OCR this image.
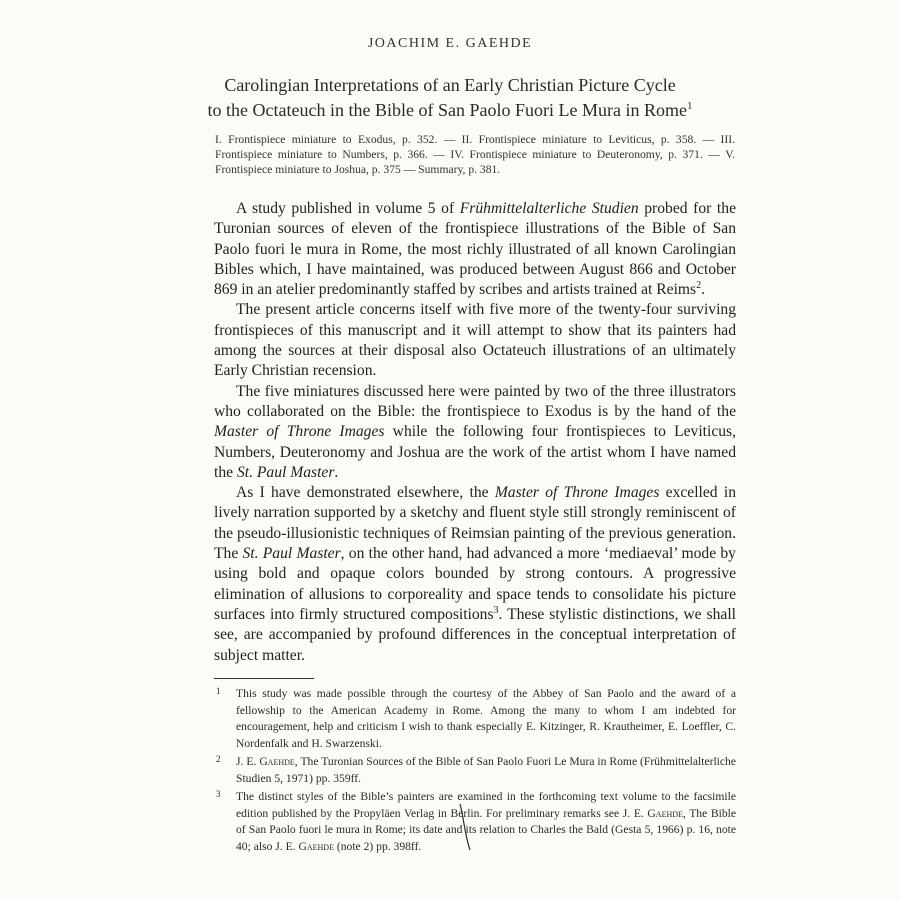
JOACHIM E. GAEHDE
Carolingian Interpretations of an Early Christian Picture Cycle
to the Octateuch in the Bible of San Paolo Fuori Le Mura in Rome$^1$
I. Frontispiece miniature to Exodus, p. 352. — II. Frontispiece miniature to Leviticus, p. 358. — III. Frontispiece miniature to Numbers, p. 366. — IV. Frontispiece miniature to Deuteronomy, p. 371. — V. Frontispiece miniature to Joshua, p. 375 — Summary, p. 381.

A study published in volume 5 of Frühmittelalterliche Studien probed for the Turonian sources of eleven of the frontispiece illustrations of the Bible of San Paolo fuori le mura in Rome, the most richly illustrated of all known Carolingian Bibles which, I have maintained, was produced between August 866 and October 869 in an atelier predominantly staffed by scribes and artists trained at Reims$^2$.

The present article concerns itself with five more of the twenty-four surviving frontispieces of this manuscript and it will attempt to show that its painters had among the sources at their disposal also Octateuch illustrations of an ultimately Early Christian recension.

The five miniatures discussed here were painted by two of the three illustrators who collaborated on the Bible: the frontispiece to Exodus is by the hand of the Master of Throne Images while the following four frontispieces to Leviticus, Numbers, Deuteronomy and Joshua are the work of the artist whom I have named the St. Paul Master.

As I have demonstrated elsewhere, the Master of Throne Images excelled in lively narration supported by a sketchy and fluent style still strongly reminiscent of the pseudo-illusionistic techniques of Reimsian painting of the previous generation. The St. Paul Master, on the other hand, had advanced a more ‘mediaeval’ mode by using bold and opaque colors bounded by strong contours. A progressive elimination of allusions to corporeality and space tends to consolidate his picture surfaces into firmly structured compositions$^3$. These stylistic distinctions, we shall see, are accompanied by profound differences in the conceptual interpretation of subject matter.

1 This study was made possible through the courtesy of the Abbey of San Paolo and the award of a fellowship to the American Academy in Rome. Among the many to whom I am indebted for encouragement, help and criticism I wish to thank especially E. Kitzinger, R. Krautheimer, E. Loeffler, C. Nordenfalk and H. Swarzenski.
2 J. E. Gaehde, The Turonian Sources of the Bible of San Paolo Fuori Le Mura in Rome (Frühmittelalterliche Studien 5, 1971) pp. 359ff.
3 The distinct styles of the Bible’s painters are examined in the forthcoming text volume to the facsimile edition published by the Propyläen Verlag in Berlin. For preliminary remarks see J. E. Gaehde, The Bible of San Paolo fuori le mura in Rome; its date and its relation to Charles the Bald (Gesta 5, 1966) p. 16, note 40; also J. E. Gaehde (note 2) pp. 398ff.
